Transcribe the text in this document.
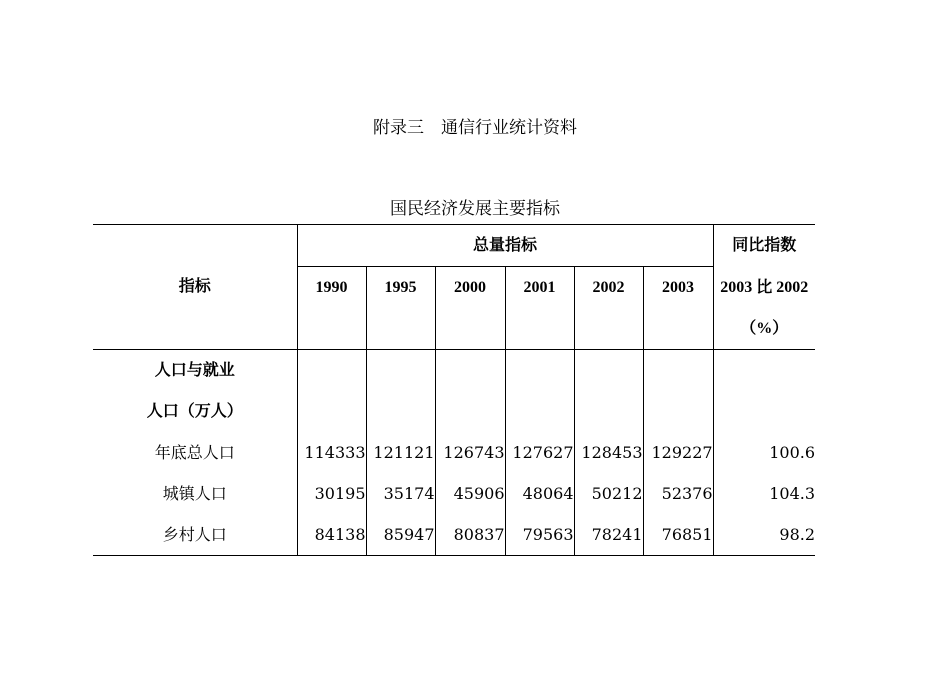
附录三　通信行业统计资料
国民经济发展主要指标
指标	总量指标						同比指数
	1990	1995	2000	2001	2002	2003	2003 比 2002
							（%）
人口与就业							
人口（万人）							
年底总人口	114333	121121	126743	127627	128453	129227	100.6
城镇人口	30195	35174	45906	48064	50212	52376	104.3
乡村人口	84138	85947	80837	79563	78241	76851	98.2
